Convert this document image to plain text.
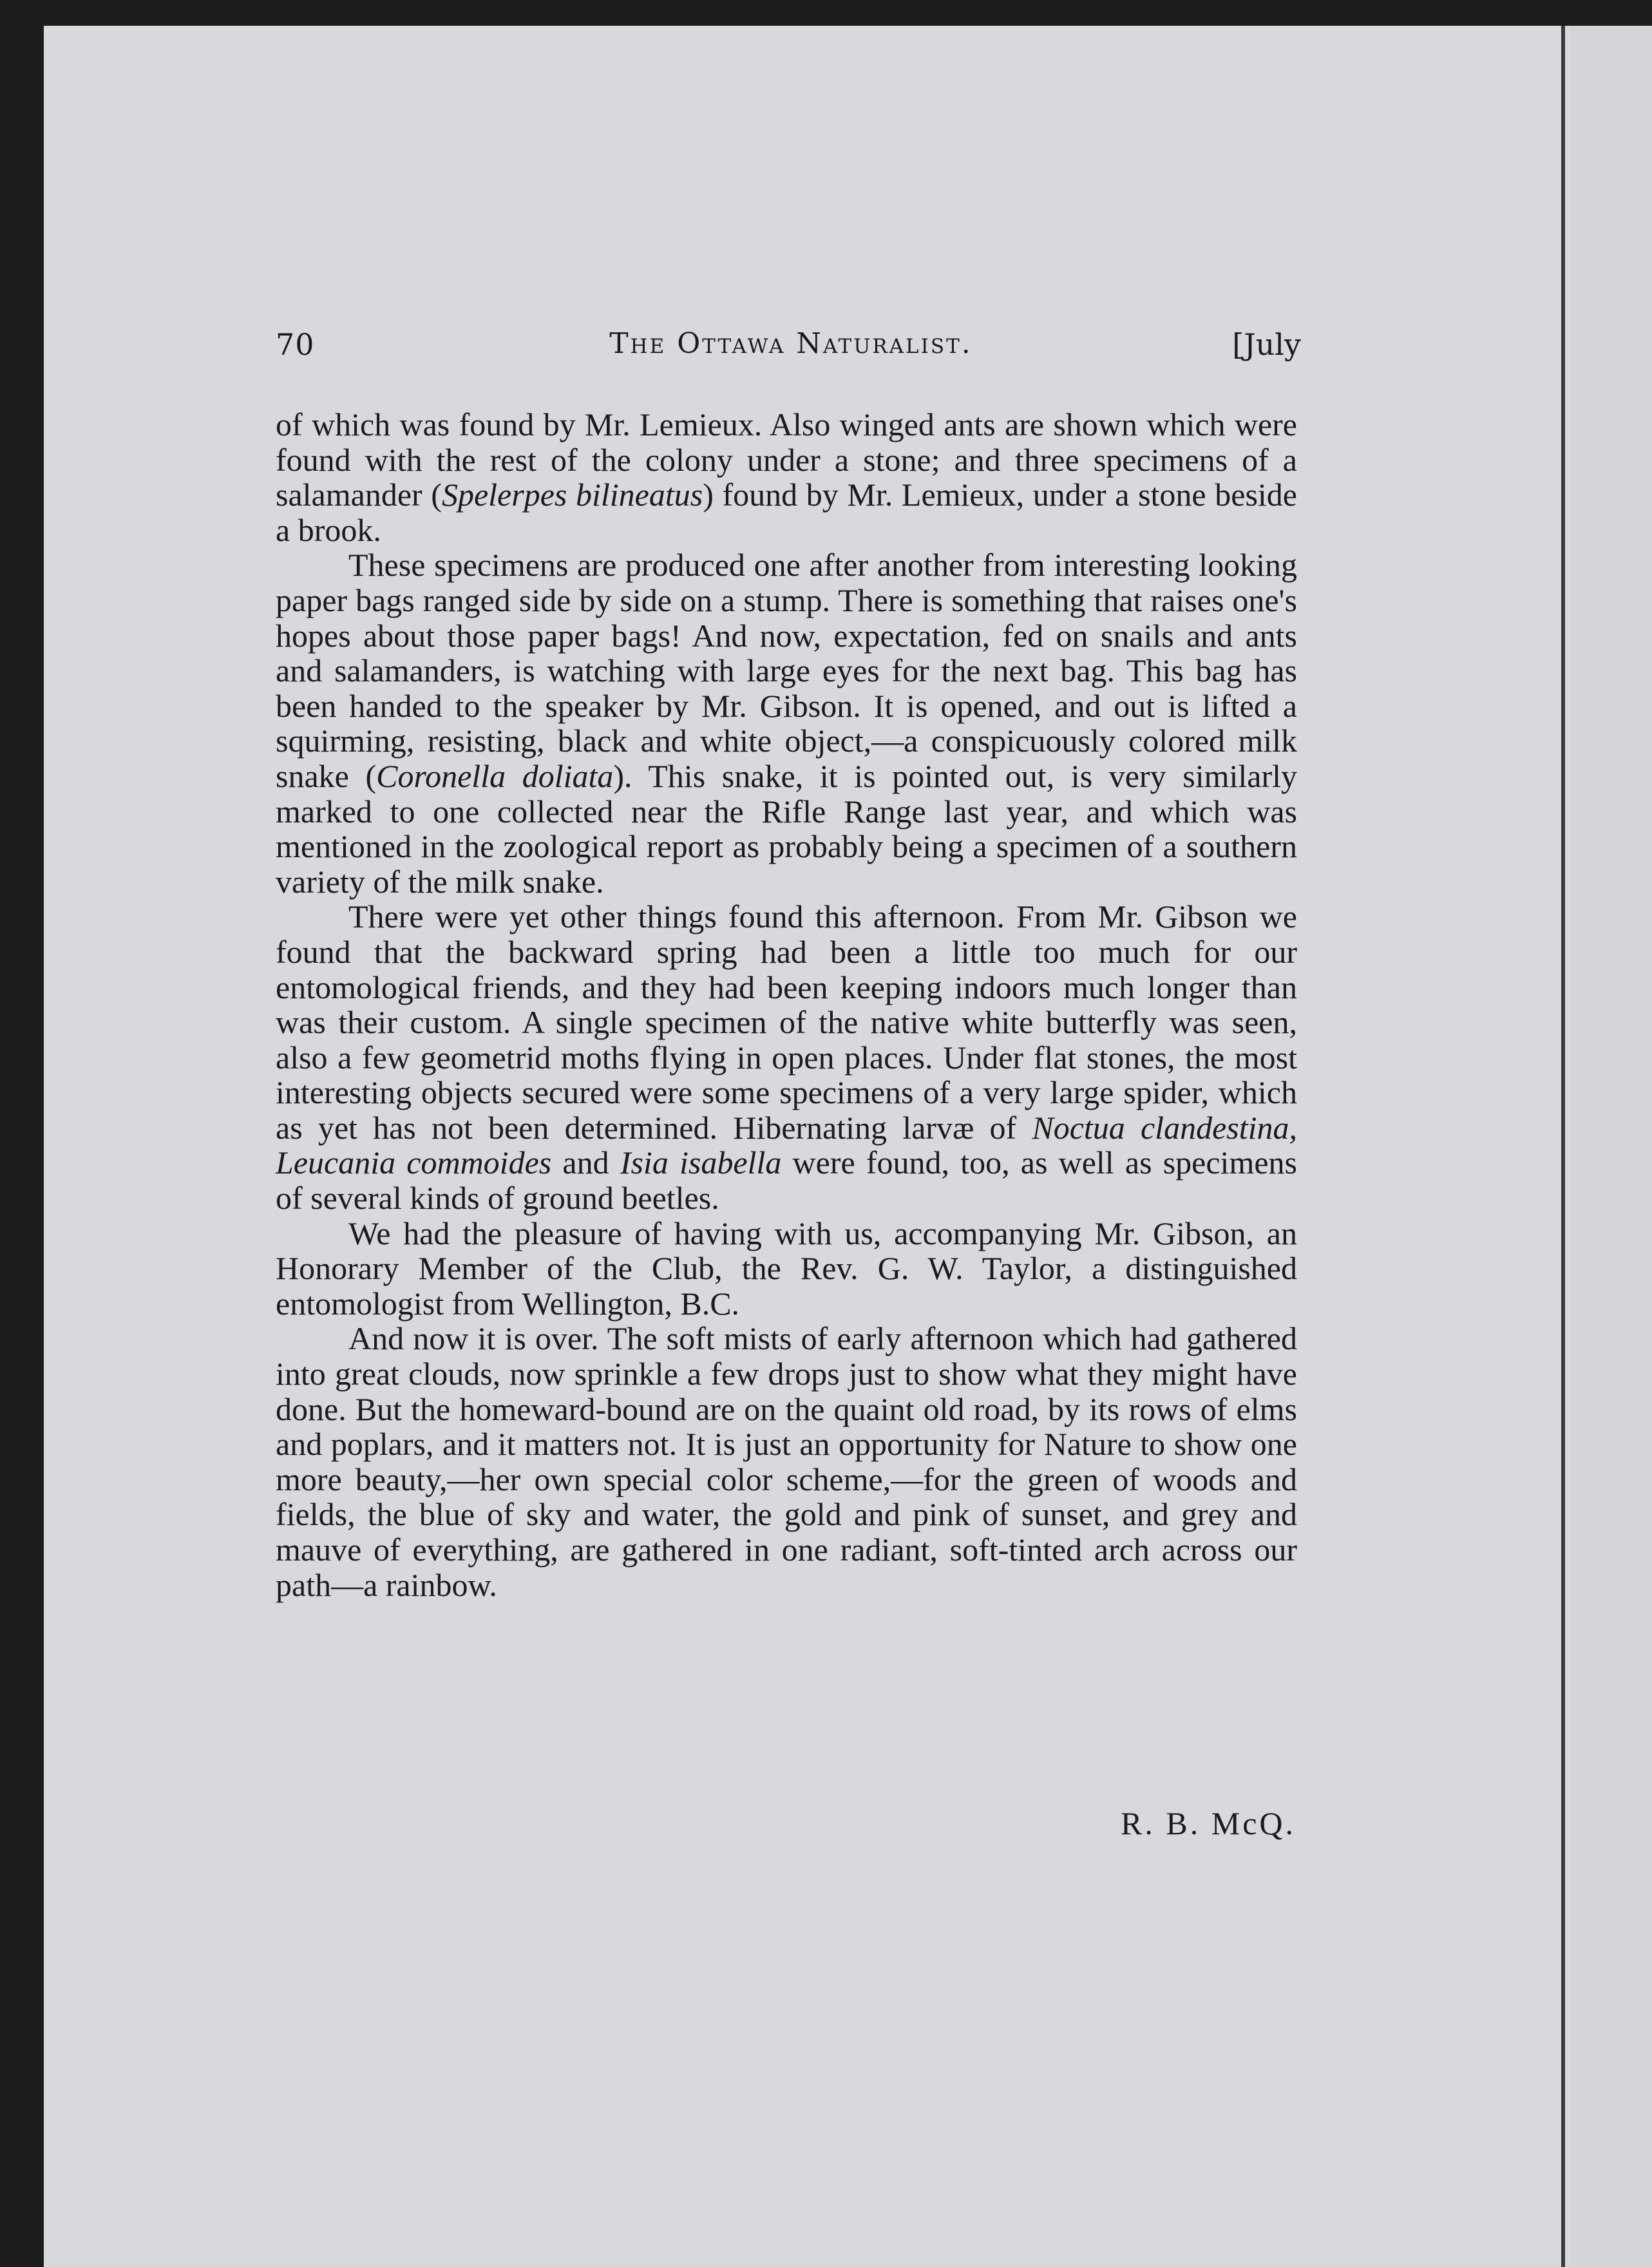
70	The Ottawa Naturalist.	[July

of which was found by Mr. Lemieux. Also winged ants are shown which were found with the rest of the colony under a stone; and three specimens of a salamander (Spelerpes bilineatus) found by Mr. Lemieux, under a stone beside a brook.

These specimens are produced one after another from interesting looking paper bags ranged side by side on a stump. There is something that raises one's hopes about those paper bags! And now, expectation, fed on snails and ants and salamanders, is watching with large eyes for the next bag. This bag has been handed to the speaker by Mr. Gibson. It is opened, and out is lifted a squirming, resisting, black and white object,—a conspicuously colored milk snake (Coronella doliata). This snake, it is pointed out, is very similarly marked to one collected near the Rifle Range last year, and which was mentioned in the zoological report as probably being a specimen of a southern variety of the milk snake.

There were yet other things found this afternoon. From Mr. Gibson we found that the backward spring had been a little too much for our entomological friends, and they had been keeping indoors much longer than was their custom. A single specimen of the native white butterfly was seen, also a few geometrid moths flying in open places. Under flat stones, the most interesting objects secured were some specimens of a very large spider, which as yet has not been determined. Hibernating larvæ of Noctua clandestina, Leucania commoides and Isia isabella were found, too, as well as specimens of several kinds of ground beetles.

We had the pleasure of having with us, accompanying Mr. Gibson, an Honorary Member of the Club, the Rev. G. W. Taylor, a distinguished entomologist from Wellington, B.C.

And now it is over. The soft mists of early afternoon which had gathered into great clouds, now sprinkle a few drops just to show what they might have done. But the homeward-bound are on the quaint old road, by its rows of elms and poplars, and it matters not. It is just an opportunity for Nature to show one more beauty,—her own special color scheme,—for the green of woods and fields, the blue of sky and water, the gold and pink of sunset, and grey and mauve of everything, are gathered in one radiant, soft-tinted arch across our path—a rainbow.

R. B. McQ.
